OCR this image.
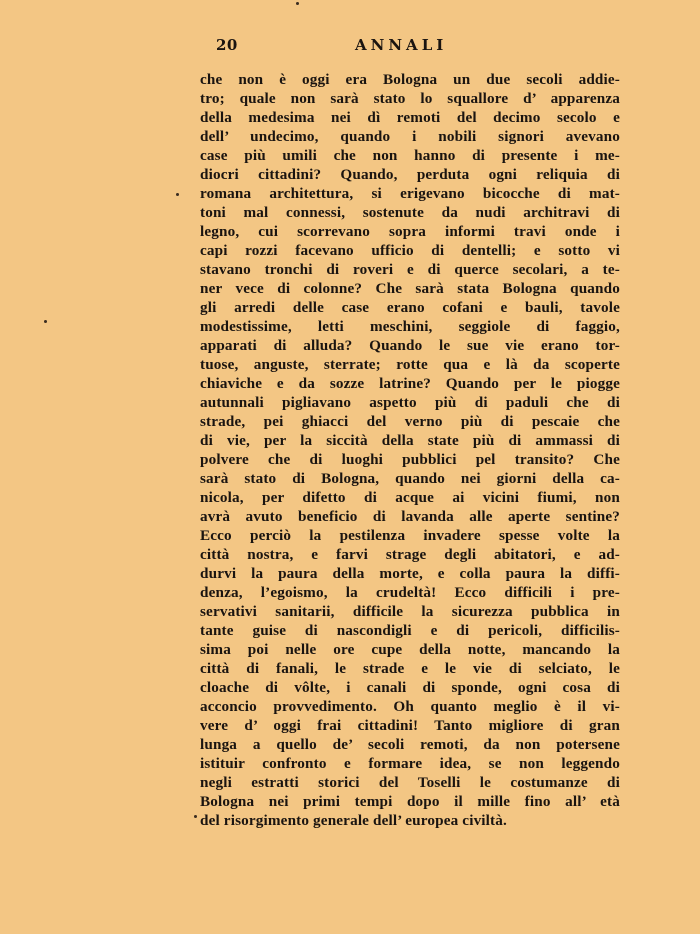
20	ANNALI
che non è oggi era Bologna un due secoli addie-
tro; quale non sarà stato lo squallore d’ apparenza
della medesima nei dì remoti del decimo secolo e
dell’ undecimo, quando i nobili signori avevano
case più umili che non hanno di presente i me-
diocri cittadini? Quando, perduta ogni reliquia di
romana architettura, si erigevano bicocche di mat-
toni mal connessi, sostenute da nudi architravi di
legno, cui scorrevano sopra informi travi onde i
capi rozzi facevano ufficio di dentelli; e sotto vi
stavano tronchi di roveri e di querce secolari, a te-
ner vece di colonne? Che sarà stata Bologna quando
gli arredi delle case erano cofani e bauli, tavole
modestissime, letti meschini, seggiole di faggio,
apparati di alluda? Quando le sue vie erano tor-
tuose, anguste, sterrate; rotte qua e là da scoperte
chiaviche e da sozze latrine? Quando per le piogge
autunnali pigliavano aspetto più di paduli che di
strade, pei ghiacci del verno più di pescaie che
di vie, per la siccità della state più di ammassi di
polvere che di luoghi pubblici pel transito? Che
sarà stato di Bologna, quando nei giorni della ca-
nicola, per difetto di acque ai vicini fiumi, non
avrà avuto beneficio di lavanda alle aperte sentine?
Ecco perciò la pestilenza invadere spesse volte la
città nostra, e farvi strage degli abitatori, e ad-
durvi la paura della morte, e colla paura la diffi-
denza, l’egoismo, la crudeltà! Ecco difficili i pre-
servativi sanitarii, difficile la sicurezza pubblica in
tante guise di nascondigli e di pericoli, difficilis-
sima poi nelle ore cupe della notte, mancando la
città di fanali, le strade e le vie di selciato, le
cloache di vôlte, i canali di sponde, ogni cosa di
acconcio provvedimento. Oh quanto meglio è il vi-
vere d’ oggi frai cittadini! Tanto migliore di gran
lunga a quello de’ secoli remoti, da non potersene
istituir confronto e formare idea, se non leggendo
negli estratti storici del Toselli le costumanze di
Bologna nei primi tempi dopo il mille fino all’ età
del risorgimento generale dell’ europea civiltà.
